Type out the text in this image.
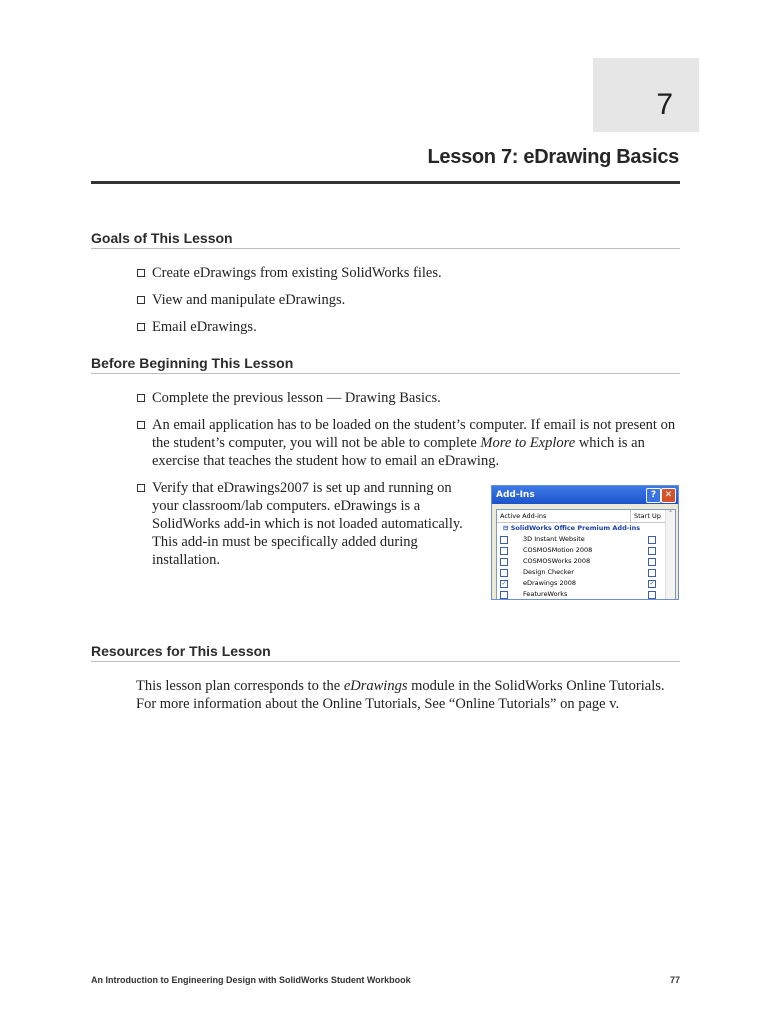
7
Lesson 7: eDrawing Basics
Goals of This Lesson
Create eDrawings from existing SolidWorks files.
View and manipulate eDrawings.
Email eDrawings.
Before Beginning This Lesson
Complete the previous lesson — Drawing Basics.
An email application has to be loaded on the student’s computer. If email is not present on the student’s computer, you will not be able to complete More to Explore which is an exercise that teaches the student how to email an eDrawing.
Verify that eDrawings2007 is set up and running on your classroom/lab computers. eDrawings is a SolidWorks add-in which is not loaded automatically. This add-in must be specifically added during installation.
Add-Ins	? ✕
Active Add-ins	Start Up
⊟ SolidWorks Office Premium Add-ins
3D Instant Website
COSMOSMotion 2008
COSMOSWorks 2008
Design Checker
✓	eDrawings 2008	✓
FeatureWorks
˄
Resources for This Lesson
This lesson plan corresponds to the eDrawings module in the SolidWorks Online Tutorials. For more information about the Online Tutorials, See “Online Tutorials” on page v.
An Introduction to Engineering Design with SolidWorks Student Workbook	77
